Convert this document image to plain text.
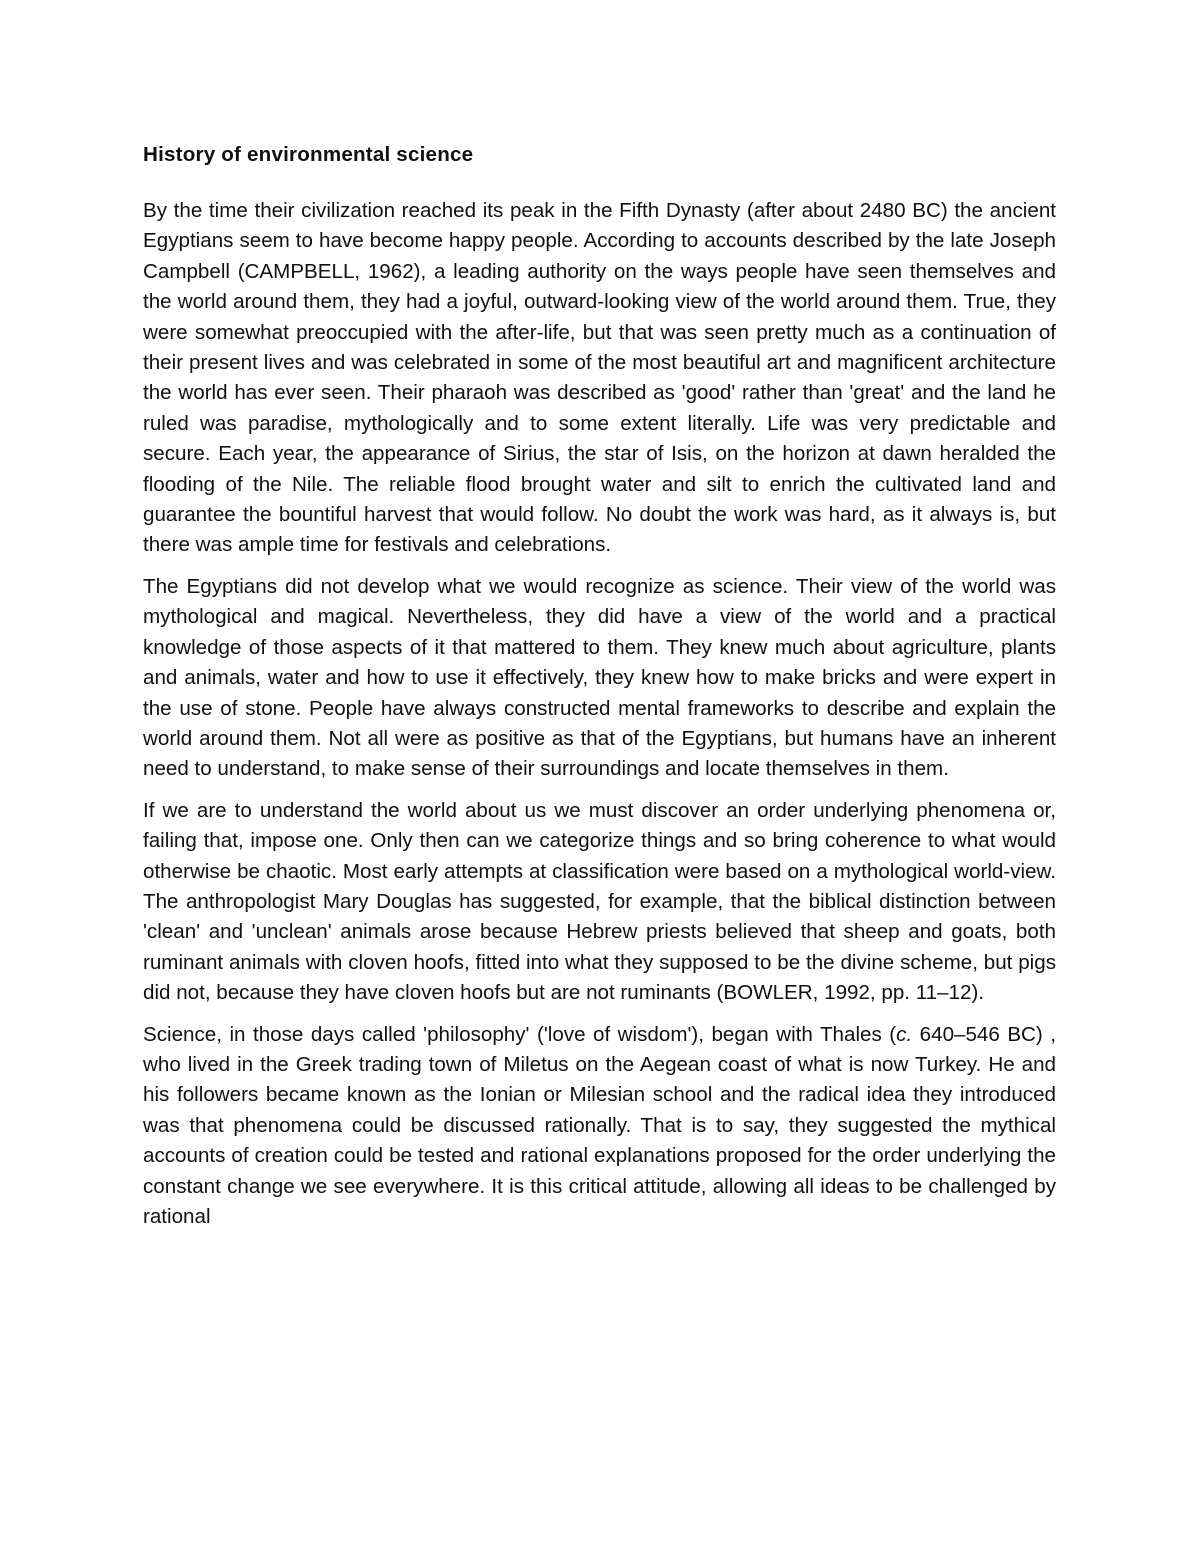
History of environmental science

By the time their civilization reached its peak in the Fifth Dynasty (after about 2480 BC) the ancient Egyptians seem to have become happy people. According to accounts described by the late Joseph Campbell (CAMPBELL, 1962), a leading authority on the ways people have seen themselves and the world around them, they had a joyful, outward-looking view of the world around them. True, they were somewhat preoccupied with the after-life, but that was seen pretty much as a continuation of their present lives and was celebrated in some of the most beautiful art and magnificent architecture the world has ever seen. Their pharaoh was described as 'good' rather than 'great' and the land he ruled was paradise, mythologically and to some extent literally. Life was very predictable and secure. Each year, the appearance of Sirius, the star of Isis, on the horizon at dawn heralded the flooding of the Nile. The reliable flood brought water and silt to enrich the cultivated land and guarantee the bountiful harvest that would follow. No doubt the work was hard, as it always is, but there was ample time for festivals and celebrations.

The Egyptians did not develop what we would recognize as science. Their view of the world was mythological and magical. Nevertheless, they did have a view of the world and a practical knowledge of those aspects of it that mattered to them. They knew much about agriculture, plants and animals, water and how to use it effectively, they knew how to make bricks and were expert in the use of stone. People have always constructed mental frameworks to describe and explain the world around them. Not all were as positive as that of the Egyptians, but humans have an inherent need to understand, to make sense of their surroundings and locate themselves in them.

If we are to understand the world about us we must discover an order underlying phenomena or, failing that, impose one. Only then can we categorize things and so bring coherence to what would otherwise be chaotic. Most early attempts at classification were based on a mythological world-view. The anthropologist Mary Douglas has suggested, for example, that the biblical distinction between 'clean' and 'unclean' animals arose because Hebrew priests believed that sheep and goats, both ruminant animals with cloven hoofs, fitted into what they supposed to be the divine scheme, but pigs did not, because they have cloven hoofs but are not ruminants (BOWLER, 1992, pp. 11–12).

Science, in those days called 'philosophy' ('love of wisdom'), began with Thales (c. 640–546 BC) , who lived in the Greek trading town of Miletus on the Aegean coast of what is now Turkey. He and his followers became known as the Ionian or Milesian school and the radical idea they introduced was that phenomena could be discussed rationally. That is to say, they suggested the mythical accounts of creation could be tested and rational explanations proposed for the order underlying the constant change we see everywhere. It is this critical attitude, allowing all ideas to be challenged by rational
